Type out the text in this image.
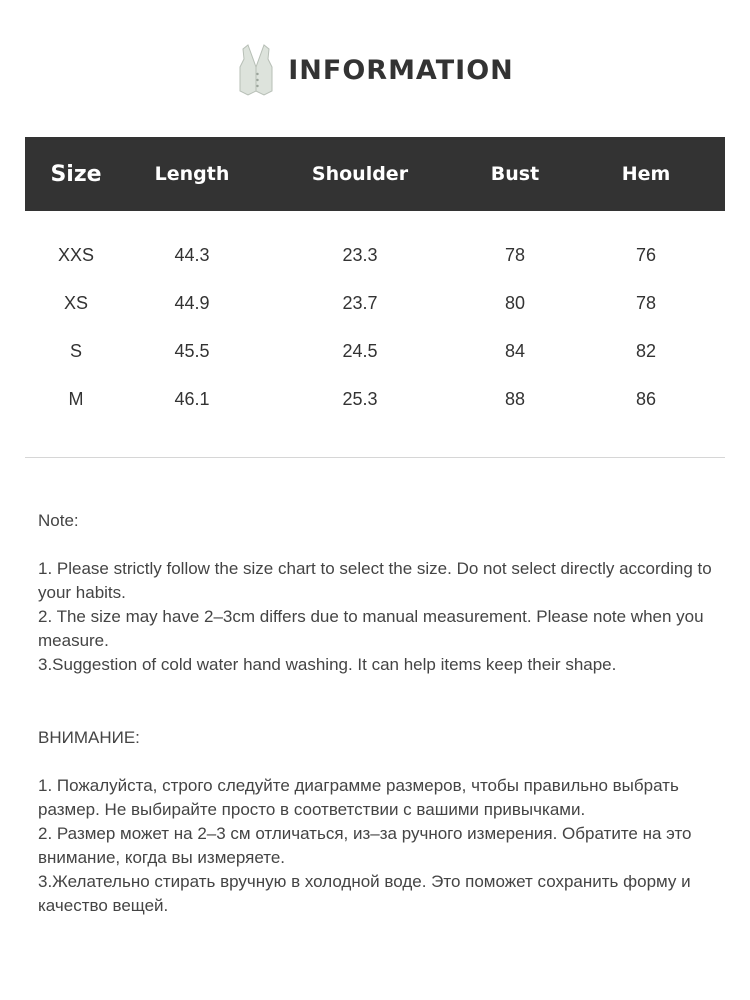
INFORMATION
Size	Length	Shoulder	Bust	Hem

XXS	44.3	23.3	78	76
XS	44.9	23.7	80	78
S	45.5	24.5	84	82
M	46.1	25.3	88	86

Note:

1. Please strictly follow the size chart to select the size. Do not select directly according to your habits.

2. The size may have 2–3cm differs due to manual measurement. Please note when you measure.

3.Suggestion of cold water hand washing. It can help items keep their shape.

ВНИМАНИЕ:

1. Пожалуйста, строго следуйте диаграмме размеров, чтобы правильно выбрать размер. Не выбирайте просто в соответствии с вашими привычками.

2. Размер может на 2–3 см отличаться, из–за ручного измерения. Обратите на это внимание, когда вы измеряете.

3.Желательно стирать вручную в холодной воде. Это поможет сохранить форму и качество вещей.
